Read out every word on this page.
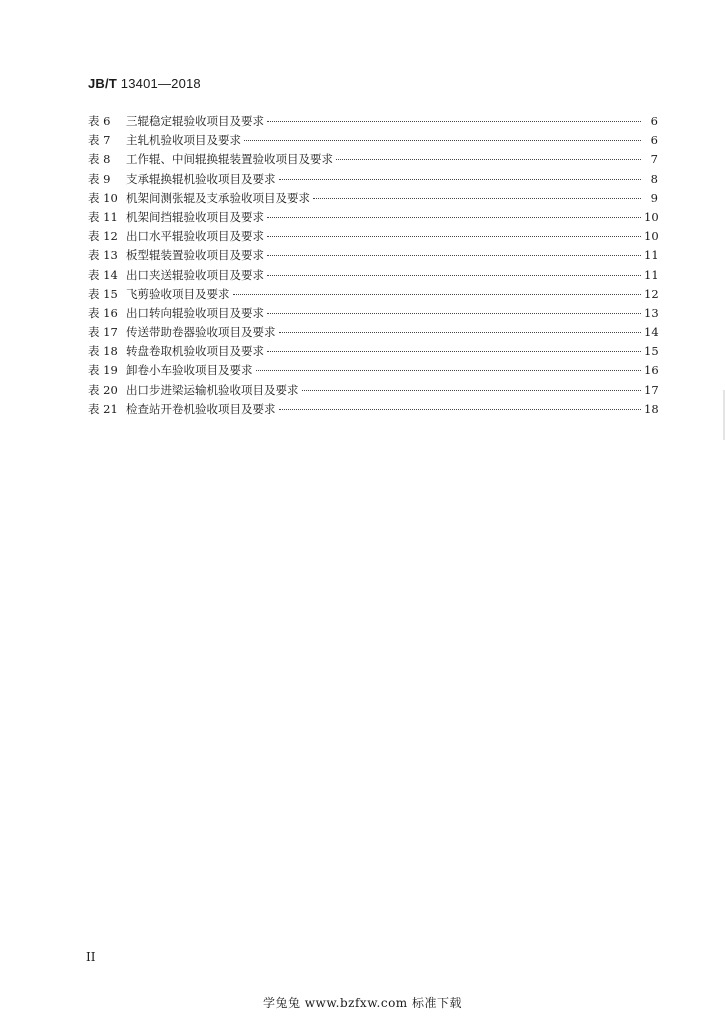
JB/T 13401—2018
表 6	三辊稳定辊验收项目及要求	6
表 7	主轧机验收项目及要求	6
表 8	工作辊、中间辊换辊装置验收项目及要求	7
表 9	支承辊换辊机验收项目及要求	8
表 10 机架间测张辊及支承验收项目及要求	9
表 11 机架间挡辊验收项目及要求	10
表 12 出口水平辊验收项目及要求	10
表 13 板型辊装置验收项目及要求	11
表 14 出口夹送辊验收项目及要求	11
表 15 飞剪验收项目及要求	12
表 16 出口转向辊验收项目及要求	13
表 17 传送带助卷器验收项目及要求	14
表 18 转盘卷取机验收项目及要求	15
表 19 卸卷小车验收项目及要求	16
表 20 出口步进梁运输机验收项目及要求	17
表 21 检查站开卷机验收项目及要求	18
II
学兔兔 www.bzfxw.com 标准下载
